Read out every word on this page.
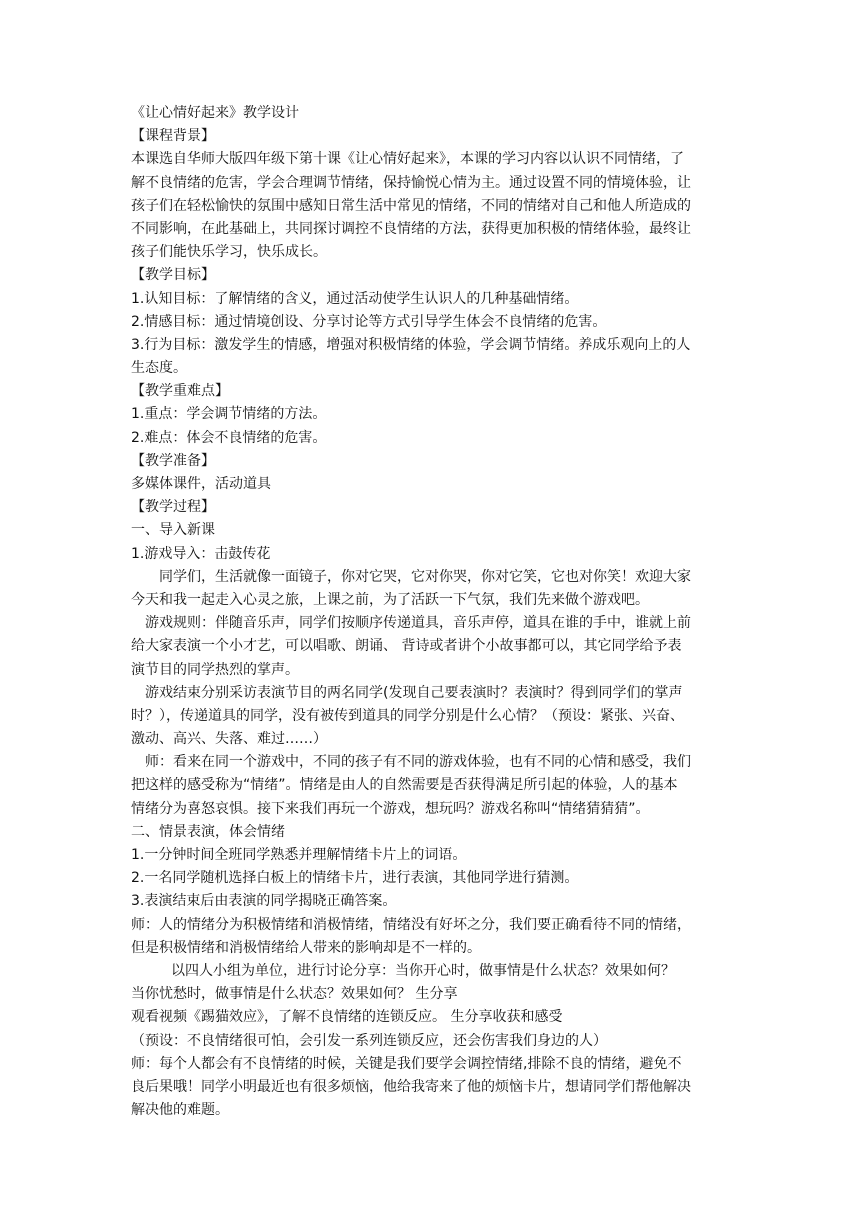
《让心情好起来》教学设计
【课程背景】
本课选自华师大版四年级下第十课《让心情好起来》，本课的学习内容以认识不同情绪，了
解不良情绪的危害，学会合理调节情绪，保持愉悦心情为主。通过设置不同的情境体验，让
孩子们在轻松愉快的氛围中感知日常生活中常见的情绪，不同的情绪对自己和他人所造成的
不同影响，在此基础上，共同探讨调控不良情绪的方法，获得更加积极的情绪体验，最终让
孩子们能快乐学习，快乐成长。
【教学目标】
1.认知目标：了解情绪的含义，通过活动使学生认识人的几种基础情绪。
2.情感目标：通过情境创设、分享讨论等方式引导学生体会不良情绪的危害。
3.行为目标：激发学生的情感，增强对积极情绪的体验，学会调节情绪。养成乐观向上的人
生态度。
【教学重难点】
1.重点：学会调节情绪的方法。
2.难点：体会不良情绪的危害。
【教学准备】
多媒体课件，活动道具
【教学过程】
一、导入新课
1.游戏导入：击鼓传花
同学们，生活就像一面镜子，你对它哭，它对你哭，你对它笑，它也对你笑！欢迎大家
今天和我一起走入心灵之旅，上课之前，为了活跃一下气氛，我们先来做个游戏吧。
游戏规则：伴随音乐声，同学们按顺序传递道具，音乐声停，道具在谁的手中，谁就上前
给大家表演一个小才艺，可以唱歌、朗诵、 背诗或者讲个小故事都可以，其它同学给予表
演节目的同学热烈的掌声。
游戏结束分别采访表演节目的两名同学(发现自己要表演时？表演时？得到同学们的掌声
时？），传递道具的同学，没有被传到道具的同学分别是什么心情？（预设：紧张、兴奋、
激动、高兴、失落、难过……）
师：看来在同一个游戏中，不同的孩子有不同的游戏体验，也有不同的心情和感受，我们
把这样的感受称为“情绪”。情绪是由人的自然需要是否获得满足所引起的体验，人的基本
情绪分为喜怒哀惧。接下来我们再玩一个游戏，想玩吗？游戏名称叫“情绪猜猜猜”。
二、情景表演，体会情绪
1.一分钟时间全班同学熟悉并理解情绪卡片上的词语。
2.一名同学随机选择白板上的情绪卡片，进行表演，其他同学进行猜测。
3.表演结束后由表演的同学揭晓正确答案。
师：人的情绪分为积极情绪和消极情绪，情绪没有好坏之分，我们要正确看待不同的情绪，
但是积极情绪和消极情绪给人带来的影响却是不一样的。
以四人小组为单位，进行讨论分享：当你开心时，做事情是什么状态？效果如何？
当你忧愁时，做事情是什么状态？效果如何？ 生分享
观看视频《踢猫效应》，了解不良情绪的连锁反应。 生分享收获和感受
（预设：不良情绪很可怕，会引发一系列连锁反应，还会伤害我们身边的人）
师：每个人都会有不良情绪的时候，关键是我们要学会调控情绪,排除不良的情绪，避免不
良后果哦！同学小明最近也有很多烦恼，他给我寄来了他的烦恼卡片，想请同学们帮他解决
解决他的难题。
